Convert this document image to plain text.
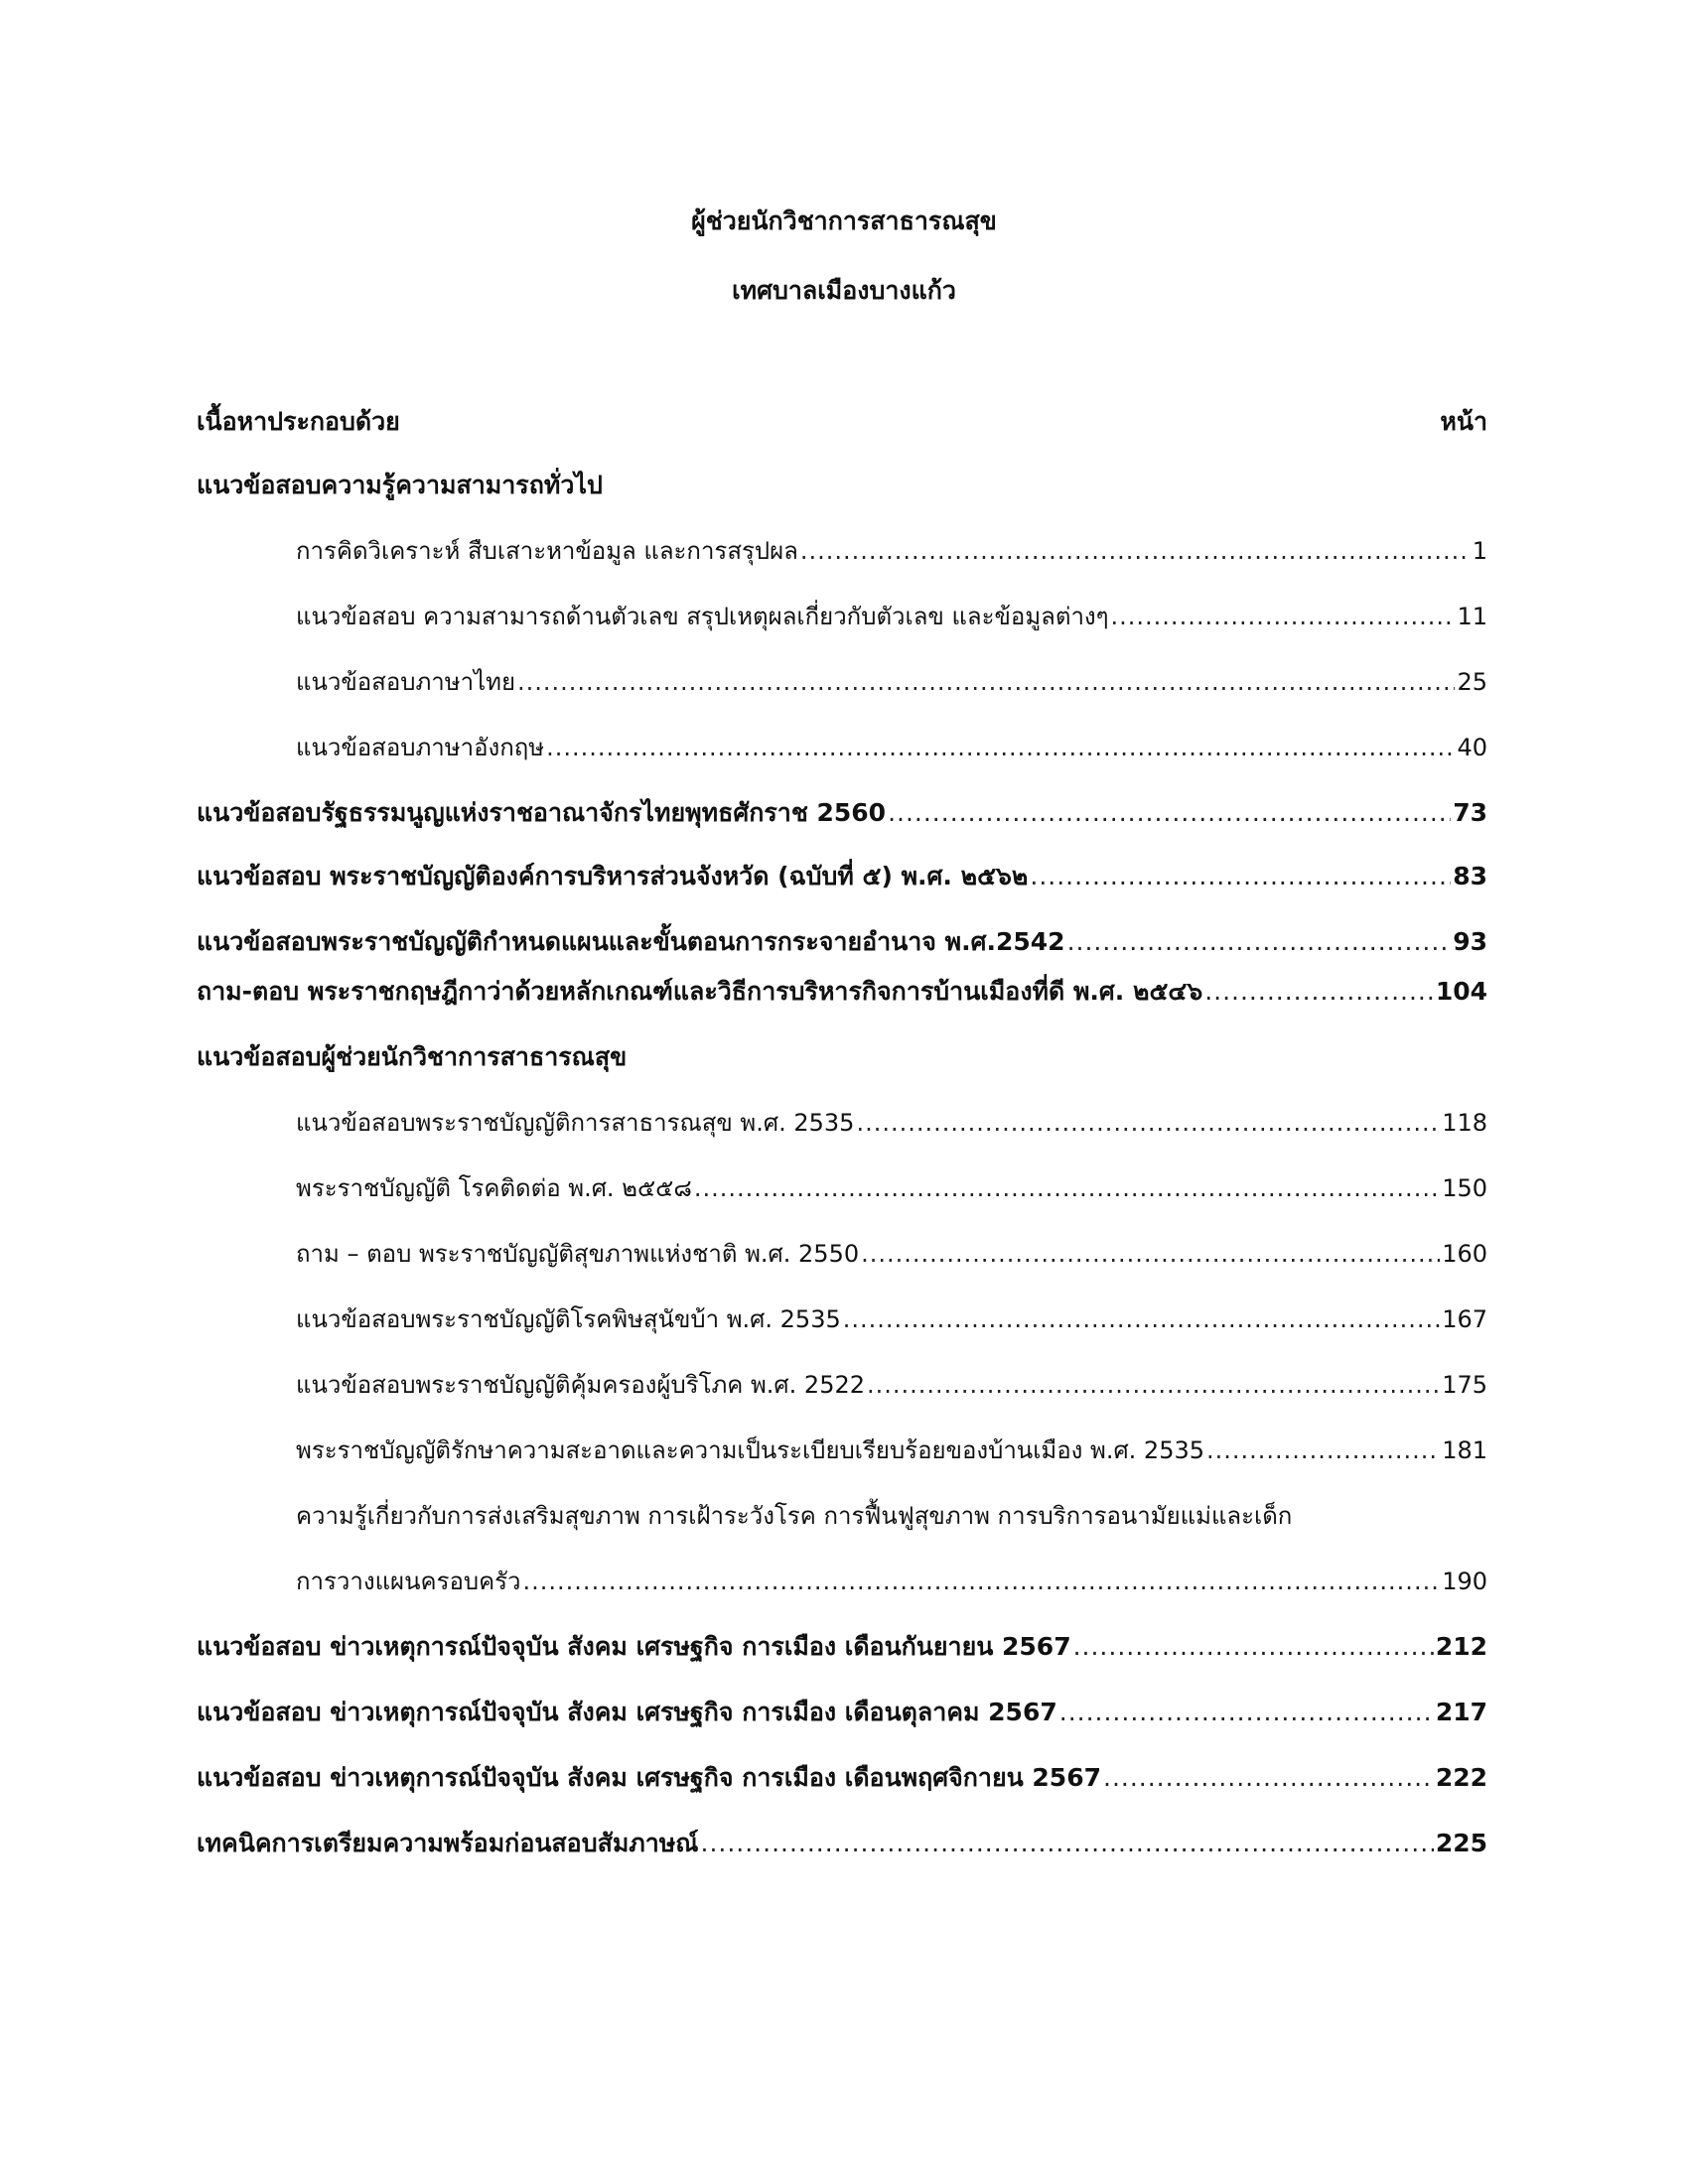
ผู้ช่วยนักวิชาการสาธารณสุข
เทศบาลเมืองบางแก้ว
เนื้อหาประกอบด้วย	หน้า
แนวข้อสอบความรู้ความสามารถทั่วไป
การคิดวิเคราะห์ สืบเสาะหาข้อมูล และการสรุปผล .....	1
แนวข้อสอบ ความสามารถด้านตัวเลข สรุปเหตุผลเกี่ยวกับตัวเลข และข้อมูลต่างๆ .....	11
แนวข้อสอบภาษาไทย .....	25
แนวข้อสอบภาษาอังกฤษ .....	40
แนวข้อสอบรัฐธรรมนูญแห่งราชอาณาจักรไทยพุทธศักราช 2560 .....	73
แนวข้อสอบ พระราชบัญญัติองค์การบริหารส่วนจังหวัด (ฉบับที่ ๕) พ.ศ. ๒๕๖๒ .....	83
แนวข้อสอบพระราชบัญญัติกำหนดแผนและขั้นตอนการกระจายอำนาจ พ.ศ.2542 .....	93
ถาม-ตอบ พระราชกฤษฎีกาว่าด้วยหลักเกณฑ์และวิธีการบริหารกิจการบ้านเมืองที่ดี พ.ศ. ๒๕๔๖ .....	104
แนวข้อสอบผู้ช่วยนักวิชาการสาธารณสุข
แนวข้อสอบพระราชบัญญัติการสาธารณสุข พ.ศ. 2535 .....	118
พระราชบัญญัติ โรคติดต่อ พ.ศ. ๒๕๕๘ .....	150
ถาม – ตอบ พระราชบัญญัติสุขภาพแห่งชาติ พ.ศ. 2550 .....	160
แนวข้อสอบพระราชบัญญัติโรคพิษสุนัขบ้า พ.ศ. 2535 .....	167
แนวข้อสอบพระราชบัญญัติคุ้มครองผู้บริโภค พ.ศ. 2522 .....	175
พระราชบัญญัติรักษาความสะอาดและความเป็นระเบียบเรียบร้อยของบ้านเมือง พ.ศ. 2535 .....	181
ความรู้เกี่ยวกับการส่งเสริมสุขภาพ การเฝ้าระวังโรค การฟื้นฟูสุขภาพ การบริการอนามัยแม่และเด็ก
การวางแผนครอบครัว .....	190
แนวข้อสอบ ข่าวเหตุการณ์ปัจจุบัน สังคม เศรษฐกิจ การเมือง เดือนกันยายน 2567 .....	212
แนวข้อสอบ ข่าวเหตุการณ์ปัจจุบัน สังคม เศรษฐกิจ การเมือง เดือนตุลาคม 2567 .....	217
แนวข้อสอบ ข่าวเหตุการณ์ปัจจุบัน สังคม เศรษฐกิจ การเมือง เดือนพฤศจิกายน 2567 .....	222
เทคนิคการเตรียมความพร้อมก่อนสอบสัมภาษณ์ .....	225
